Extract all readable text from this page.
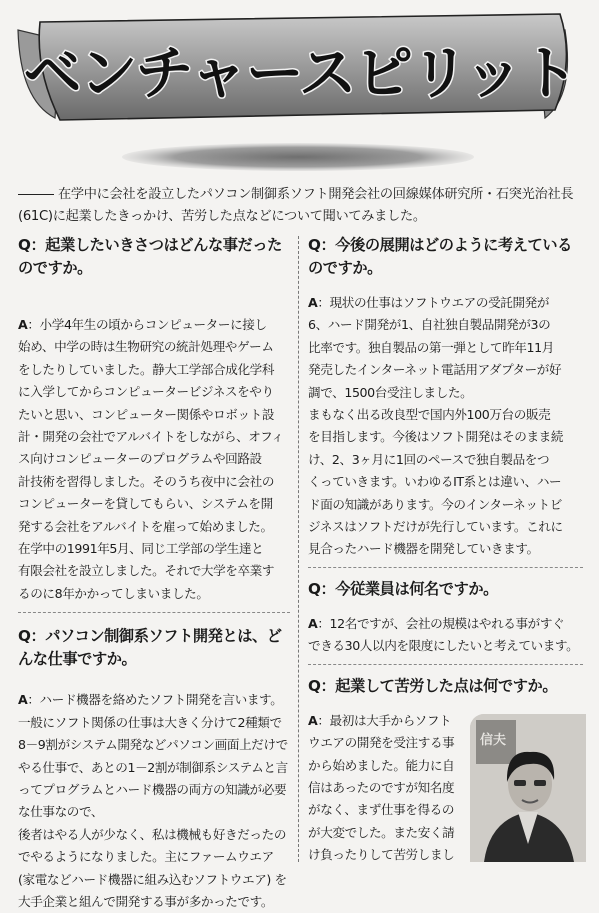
ベンチャースピリット
在学中に会社を設立したパソコン制御系ソフト開発会社の回線媒体研究所・石突光治社長(61C)に起業したきっかけ、苦労した点などについて聞いてみました。

Q：起業したいきさつはどんな事だったのですか。

A：小学4年生の頃からコンピューターに接し
始め、中学の時は生物研究の統計処理やゲーム
をしたりしていました。静大工学部合成化学科
に入学してからコンピュータービジネスをやり
たいと思い、コンピューター関係やロボット設
計・開発の会社でアルバイトをしながら、オフィ
ス向けコンピューターのプログラムや回路設
計技術を習得しました。そのうち夜中に会社の
コンピューターを貸してもらい、システムを開
発する会社をアルバイトを雇って始めました。
在学中の1991年5月、同じ工学部の学生達と
有限会社を設立しました。それで大学を卒業す
るのに8年かかってしまいました。

Q：パソコン制御系ソフト開発とは、どんな仕事ですか。

A：ハード機器を絡めたソフト開発を言います。
一般にソフト関係の仕事は大きく分けて2種類で
8－9割がシステム開発などパソコン画面上だけで
やる仕事で、あとの1－2割が制御系システムと言
ってプログラムとハード機器の両方の知識が必要
な仕事なので、
後者はやる人が少なく、私は機械も好きだったの
でやるようになりました。主にファームウエア
(家電などハード機器に組み込むソフトウエア) を
大手企業と組んで開発する事が多かったです。

Q：今後の展開はどのように考えているのですか。

A：現状の仕事はソフトウエアの受託開発が
6、ハード開発が1、自社独自製品開発が3の
比率です。独自製品の第一弾として昨年11月
発売したインターネット電話用アダプターが好
調で、1500台受注しました。
まもなく出る改良型で国内外100万台の販売
を目指します。今後はソフト開発はそのまま続
け、2、3ヶ月に1回のペースで独自製品をつ
くっていきます。いわゆるIT系とは違い、ハー
ド面の知識があります。今のインターネットビ
ジネスはソフトだけが先行しています。これに
見合ったハード機器を開発していきます。

Q：今従業員は何名ですか。

A：12名ですが、会社の規模はやれる事がすぐ
できる30人以内を限度にしたいと考えています。

Q：起業して苦労した点は何ですか。

A：最初は大手からソフト
ウエアの開発を受注する事
から始めました。能力に自
信はあったのですが知名度
がなく、まず仕事を得るの
が大変でした。また安く請
け負ったりして苦労しまし

信夫
